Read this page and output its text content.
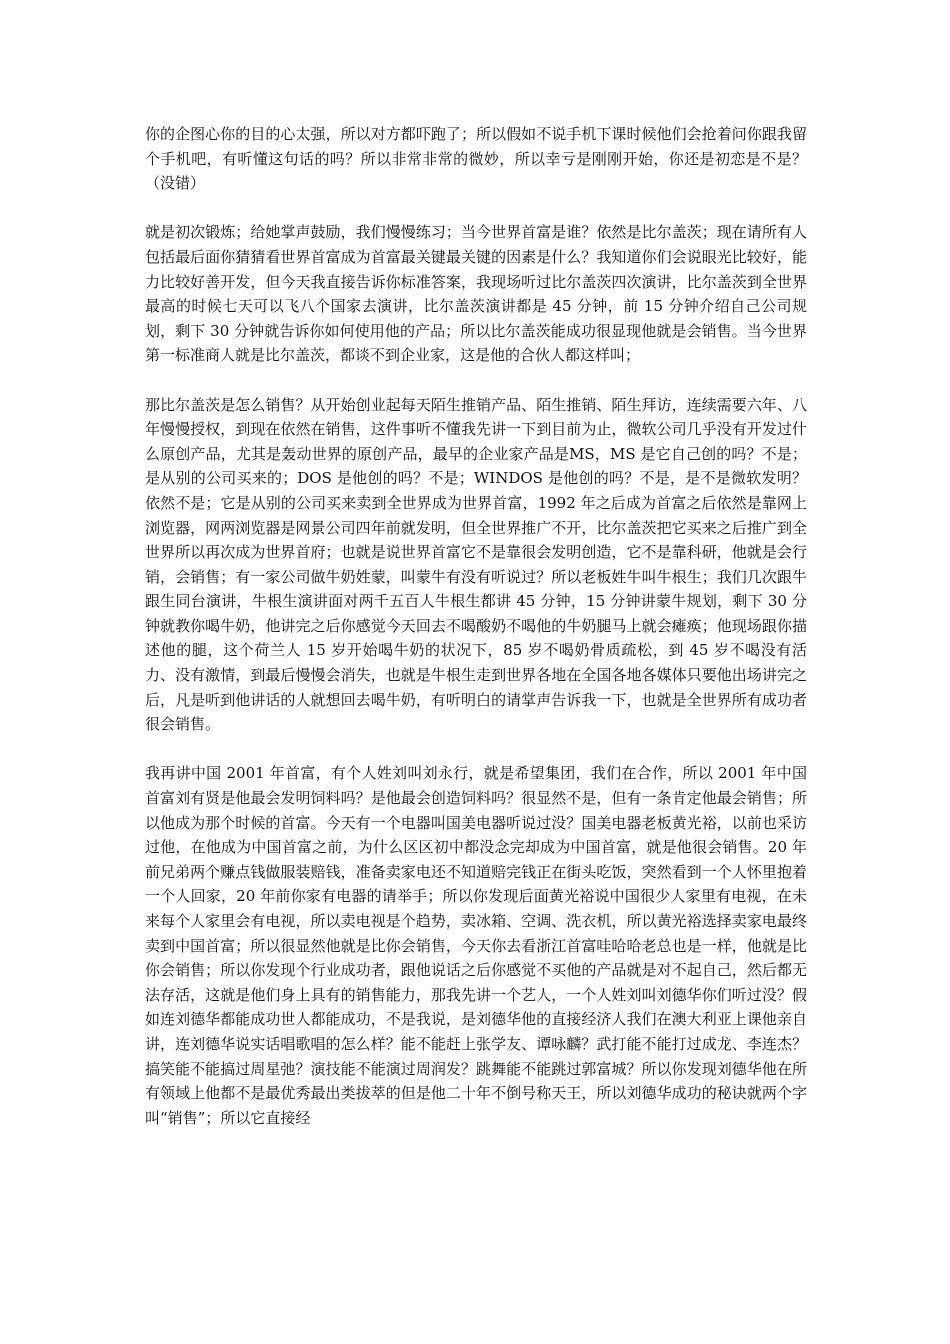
你的企图心你的目的心太强，所以对方都吓跑了；所以假如不说手机下课时候他们会抢着问你跟我留个手机吧，有听懂这句话的吗？所以非常非常的微妙，所以幸亏是刚刚开始，你还是初恋是不是？（没错）

就是初次锻炼；给她掌声鼓励，我们慢慢练习；当今世界首富是谁？依然是比尔盖茨；现在请所有人包括最后面你猜猜看世界首富成为首富最关键最关键的因素是什么？我知道你们会说眼光比较好，能力比较好善开发，但今天我直接告诉你标准答案，我现场听过比尔盖茨四次演讲，比尔盖茨到全世界最高的时候七天可以飞八个国家去演讲，比尔盖茨演讲都是 45 分钟，前 15 分钟介绍自己公司规划，剩下 30 分钟就告诉你如何使用他的产品；所以比尔盖茨能成功很显现他就是会销售。当今世界第一标准商人就是比尔盖茨，都谈不到企业家，这是他的合伙人都这样叫；

那比尔盖茨是怎么销售？从开始创业起每天陌生推销产品、陌生推销、陌生拜访，连续需要六年、八年慢慢授权，到现在依然在销售，这件事听不懂我先讲一下到目前为止，微软公司几乎没有开发过什么原创产品，尤其是轰动世界的原创产品，最早的企业家产品是MS，MS 是它自己创的吗？不是；是从别的公司买来的；DOS 是他创的吗？不是；WINDOS 是他创的吗？不是，是不是微软发明？依然不是；它是从别的公司买来卖到全世界成为世界首富，1992 年之后成为首富之后依然是靠网上浏览器，网两浏览器是网景公司四年前就发明，但全世界推广不开，比尔盖茨把它买来之后推广到全世界所以再次成为世界首府；也就是说世界首富它不是靠很会发明创造，它不是靠科研，他就是会行销，会销售；有一家公司做牛奶姓蒙，叫蒙牛有没有听说过？所以老板姓牛叫牛根生；我们几次跟牛跟生同台演讲，牛根生演讲面对两千五百人牛根生都讲 45 分钟，15 分钟讲蒙牛规划，剩下 30 分钟就教你喝牛奶，他讲完之后你感觉今天回去不喝酸奶不喝他的牛奶腿马上就会瘫痪；他现场跟你描述他的腿，这个荷兰人 15 岁开始喝牛奶的状况下，85 岁不喝奶骨质疏松，到 45 岁不喝没有活力、没有激情，到最后慢慢会消失，也就是牛根生走到世界各地在全国各地各媒体只要他出场讲完之后，凡是听到他讲话的人就想回去喝牛奶，有听明白的请掌声告诉我一下，也就是全世界所有成功者很会销售。

我再讲中国 2001 年首富，有个人姓刘叫刘永行，就是希望集团，我们在合作，所以 2001 年中国首富刘有贤是他最会发明饲料吗？是他最会创造饲料吗？很显然不是，但有一条肯定他最会销售；所以他成为那个时候的首富。今天有一个电器叫国美电器听说过没？国美电器老板黄光裕，以前也采访过他，在他成为中国首富之前，为什么区区初中都没念完却成为中国首富，就是他很会销售。20 年前兄弟两个赚点钱做服装赔钱，准备卖家电还不知道赔完钱正在街头吃饭，突然看到一个人怀里抱着一个人回家，20 年前你家有电器的请举手；所以你发现后面黄光裕说中国很少人家里有电视，在未来每个人家里会有电视，所以卖电视是个趋势，卖冰箱、空调、洗衣机，所以黄光裕选择卖家电最终卖到中国首富；所以很显然他就是比你会销售，今天你去看浙江首富哇哈哈老总也是一样，他就是比你会销售；所以你发现个行业成功者，跟他说话之后你感觉不买他的产品就是对不起自己，然后都无法存活，这就是他们身上具有的销售能力，那我先讲一个艺人，一个人姓刘叫刘德华你们听过没？假如连刘德华都能成功世人都能成功，不是我说，是刘德华他的直接经济人我们在澳大利亚上课他亲自讲，连刘德华说实话唱歌唱的怎么样？能不能赶上张学友、谭咏麟？武打能不能打过成龙、李连杰？搞笑能不能搞过周星弛？演技能不能演过周润发？跳舞能不能跳过郭富城？所以你发现刘德华他在所有领域上他都不是最优秀最出类拔萃的但是他二十年不倒号称天王，所以刘德华成功的秘诀就两个字叫“销售”；所以它直接经
